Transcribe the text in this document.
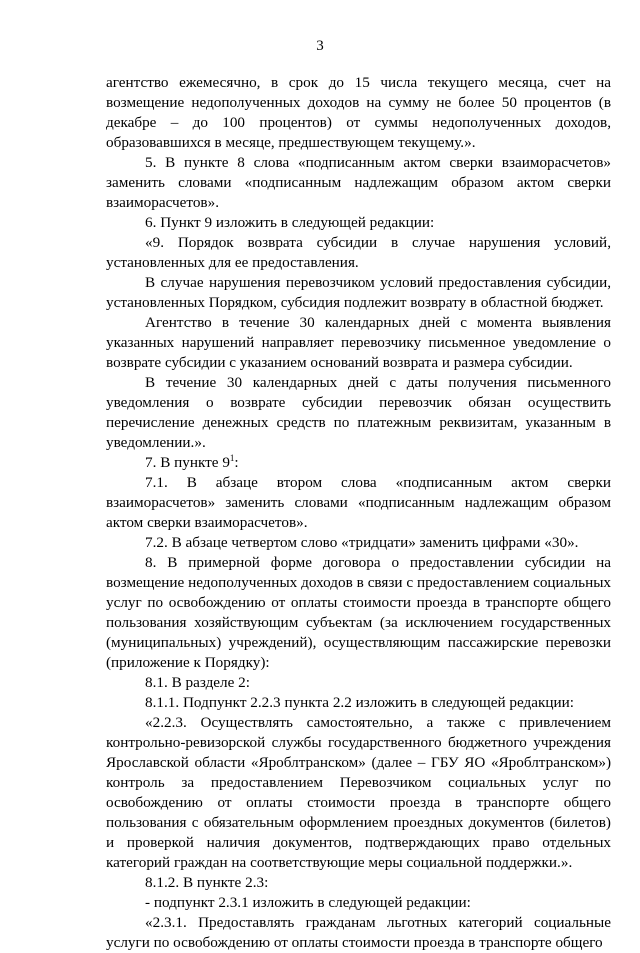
3

агентство ежемесячно, в срок до 15 числа текущего месяца, счет на возмещение недополученных доходов на сумму не более 50 процентов (в декабре – до 100 процентов) от суммы недополученных доходов, образовавшихся в месяце, предшествующем текущему.».

5. В пункте 8 слова «подписанным актом сверки взаиморасчетов» заменить словами «подписанным надлежащим образом актом сверки взаиморасчетов».

6. Пункт 9 изложить в следующей редакции:

«9. Порядок возврата субсидии в случае нарушения условий, установленных для ее предоставления.

В случае нарушения перевозчиком условий предоставления субсидии, установленных Порядком, субсидия подлежит возврату в областной бюджет.

Агентство в течение 30 календарных дней с момента выявления указанных нарушений направляет перевозчику письменное уведомление о возврате субсидии с указанием оснований возврата и размера субсидии.

В течение 30 календарных дней с даты получения письменного уведомления о возврате субсидии перевозчик обязан осуществить перечисление денежных средств по платежным реквизитам, указанным в уведомлении.».

7. В пункте $9^1$:

7.1. В абзаце втором слова «подписанным актом сверки взаиморасчетов» заменить словами «подписанным надлежащим образом актом сверки взаиморасчетов».

7.2. В абзаце четвертом слово «тридцати» заменить цифрами «30».

8. В примерной форме договора о предоставлении субсидии на возмещение недополученных доходов в связи с предоставлением социальных услуг по освобождению от оплаты стоимости проезда в транспорте общего пользования хозяйствующим субъектам (за исключением государственных (муниципальных) учреждений), осуществляющим пассажирские перевозки (приложение к Порядку):

8.1. В разделе 2:

8.1.1. Подпункт 2.2.3 пункта 2.2 изложить в следующей редакции:

«2.2.3. Осуществлять самостоятельно, а также с привлечением контрольно-ревизорской службы государственного бюджетного учреждения Ярославской области «Яроблтранском» (далее – ГБУ ЯО «Яроблтранском») контроль за предоставлением Перевозчиком социальных услуг по освобождению от оплаты стоимости проезда в транспорте общего пользования с обязательным оформлением проездных документов (билетов) и проверкой наличия документов, подтверждающих право отдельных категорий граждан на соответствующие меры социальной поддержки.».

8.1.2. В пункте 2.3:

- подпункт 2.3.1 изложить в следующей редакции:

«2.3.1. Предоставлять гражданам льготных категорий социальные услуги по освобождению от оплаты стоимости проезда в транспорте общего
